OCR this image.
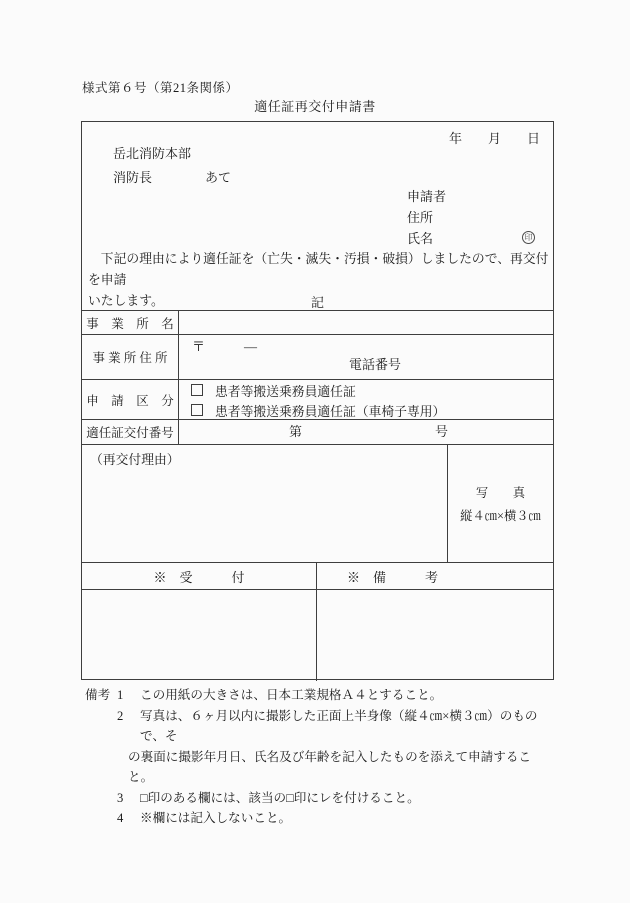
様式第６号（第21条関係）
適任証再交付申請書
年　　月　　日
岳北消防本部
消防長	あて
申請者
住所
氏名	印
　下記の理由により適任証を（亡失・滅失・汚損・破損）しましたので、再交付を申請
いたします。	記
事　業　所　名
事 業 所 住 所
〒　　　―
電話番号
申　請　区　分
患者等搬送乗務員適任証
患者等搬送乗務員適任証（車椅子専用）
適任証交付番号	第	号
（再交付理由）
写　　真
縦４㎝×横３㎝
※　受　　　付	※　備　　　考
備考 1	この用紙の大きさは、日本工業規格Ａ４とすること。
2	写真は、６ヶ月以内に撮影した正面上半身像（縦４㎝×横３㎝）のもので、そ
の裏面に撮影年月日、氏名及び年齢を記入したものを添えて申請すること。
3	□印のある欄には、該当の□印にレを付けること。
4	※欄には記入しないこと。
